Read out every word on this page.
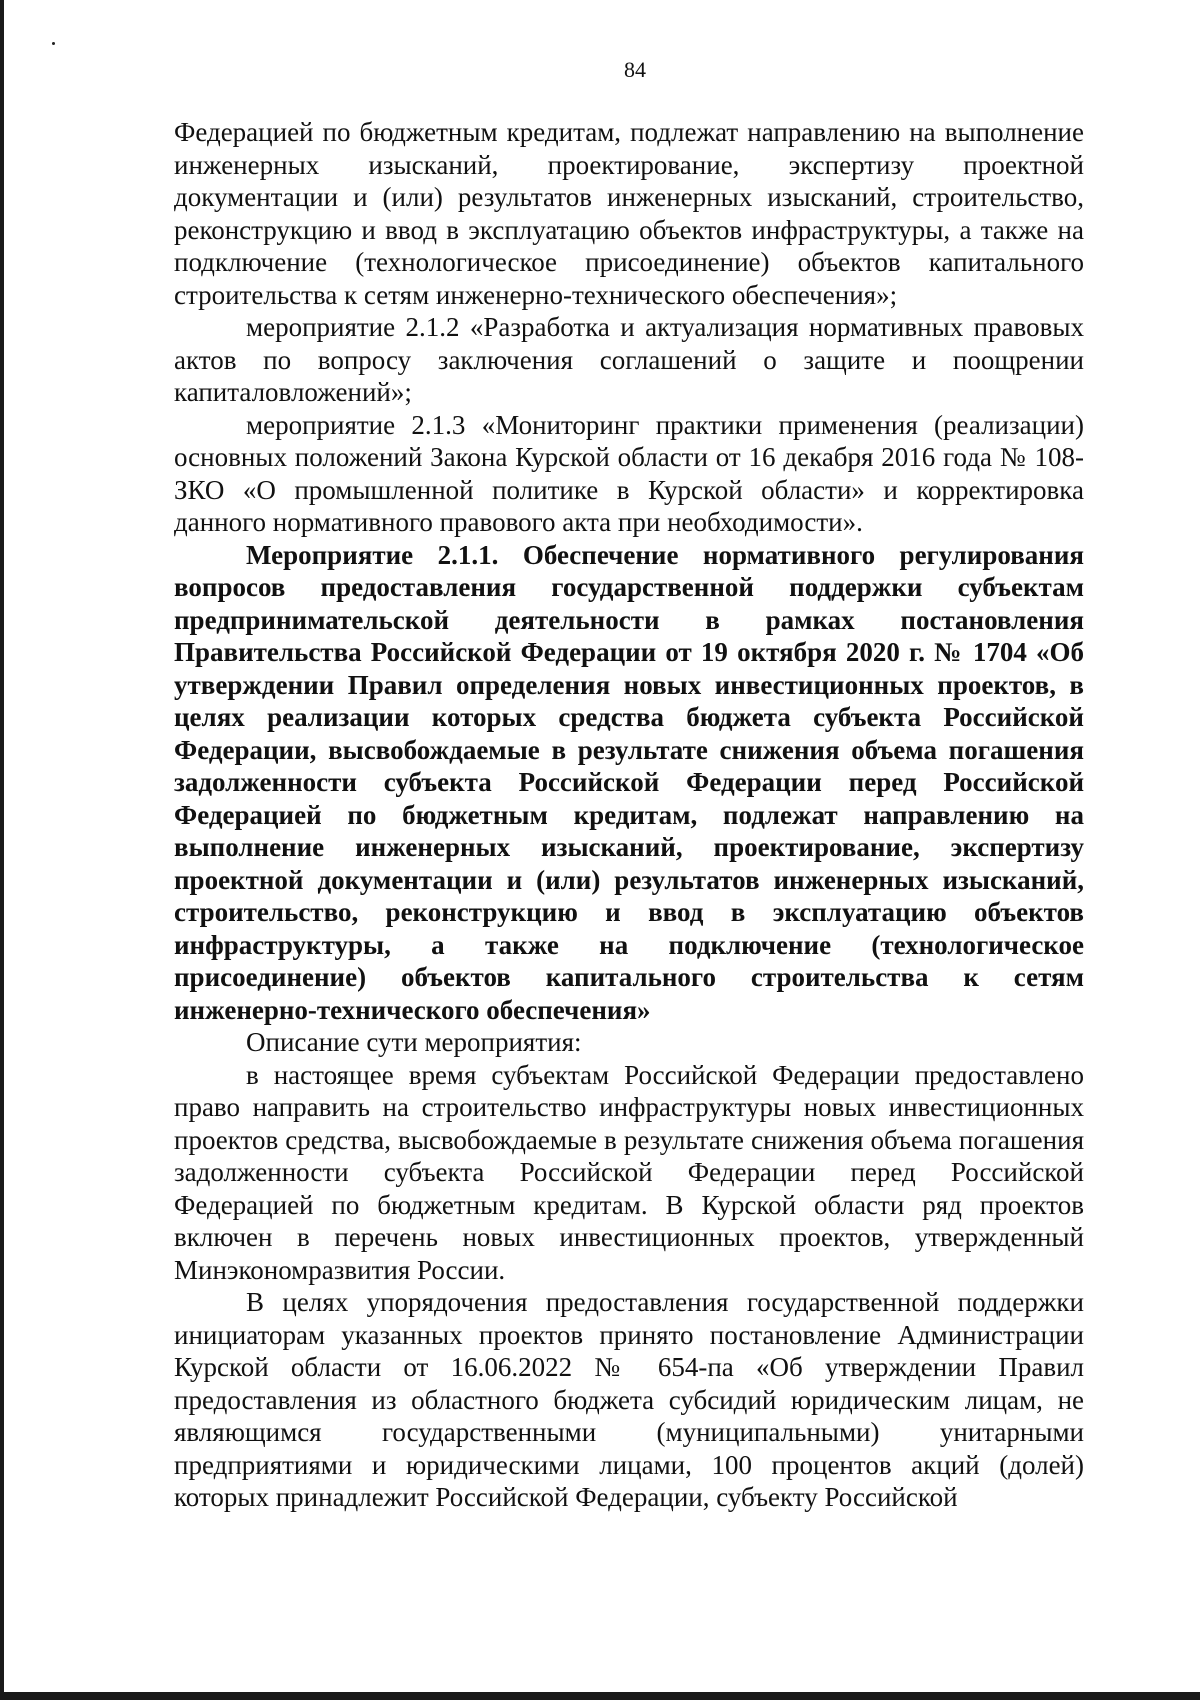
84

Федерацией по бюджетным кредитам, подлежат направлению на выполнение инженерных изысканий, проектирование, экспертизу проектной документации и (или) результатов инженерных изысканий, строительство, реконструкцию и ввод в эксплуатацию объектов инфраструктуры, а также на подключение (технологическое присоединение) объектов капитального строительства к сетям инженерно-технического обеспечения»;

мероприятие 2.1.2 «Разработка и актуализация нормативных правовых актов по вопросу заключения соглашений о защите и поощрении капиталовложений»;

мероприятие 2.1.3 «Мониторинг практики применения (реализации) основных положений Закона Курской области от 16 декабря 2016 года № 108-ЗКО «О промышленной политике в Курской области» и корректировка данного нормативного правового акта при необходимости».

Мероприятие 2.1.1. Обеспечение нормативного регулирования вопросов предоставления государственной поддержки субъектам предпринимательской деятельности в рамках постановления Правительства Российской Федерации от 19 октября 2020 г. № 1704 «Об утверждении Правил определения новых инвестиционных проектов, в целях реализации которых средства бюджета субъекта Российской Федерации, высвобождаемые в результате снижения объема погашения задолженности субъекта Российской Федерации перед Российской Федерацией по бюджетным кредитам, подлежат направлению на выполнение инженерных изысканий, проектирование, экспертизу проектной документации и (или) результатов инженерных изысканий, строительство, реконструкцию и ввод в эксплуатацию объектов инфраструктуры, а также на подключение (технологическое присоединение) объектов капитального строительства к сетям инженерно-технического обеспечения»

Описание сути мероприятия:

в настоящее время субъектам Российской Федерации предоставлено право направить на строительство инфраструктуры новых инвестиционных проектов средства, высвобождаемые в результате снижения объема погашения задолженности субъекта Российской Федерации перед Российской Федерацией по бюджетным кредитам. В Курской области ряд проектов включен в перечень новых инвестиционных проектов, утвержденный Минэкономразвития России.

В целях упорядочения предоставления государственной поддержки инициаторам указанных проектов принято постановление Администрации Курской области от 16.06.2022 № 654-па «Об утверждении Правил предоставления из областного бюджета субсидий юридическим лицам, не являющимся государственными (муниципальными) унитарными предприятиями и юридическими лицами, 100 процентов акций (долей) которых принадлежит Российской Федерации, субъекту Российской
